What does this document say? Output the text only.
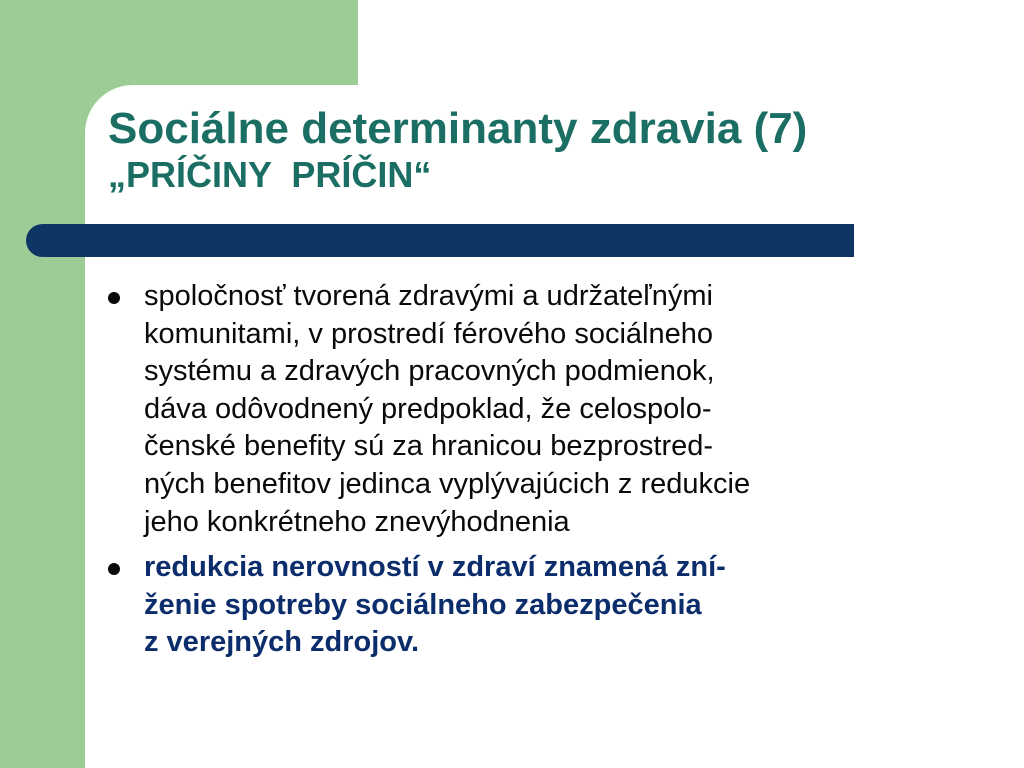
Sociálne determinanty zdravia (7)
„PRÍČINY  PRÍČIN“
spoločnosť tvorená zdravými a udržateľnými
komunitami, v prostredí férového sociálneho
systému a zdravých pracovných podmienok,
dáva odôvodnený predpoklad, že celospolo-
čenské benefity sú za hranicou bezprostred-
ných benefitov jedinca vyplývajúcich z redukcie
jeho konkrétneho znevýhodnenia
redukcia nerovností v zdraví znamená zní-
ženie spotreby sociálneho zabezpečenia
z verejných zdrojov.
